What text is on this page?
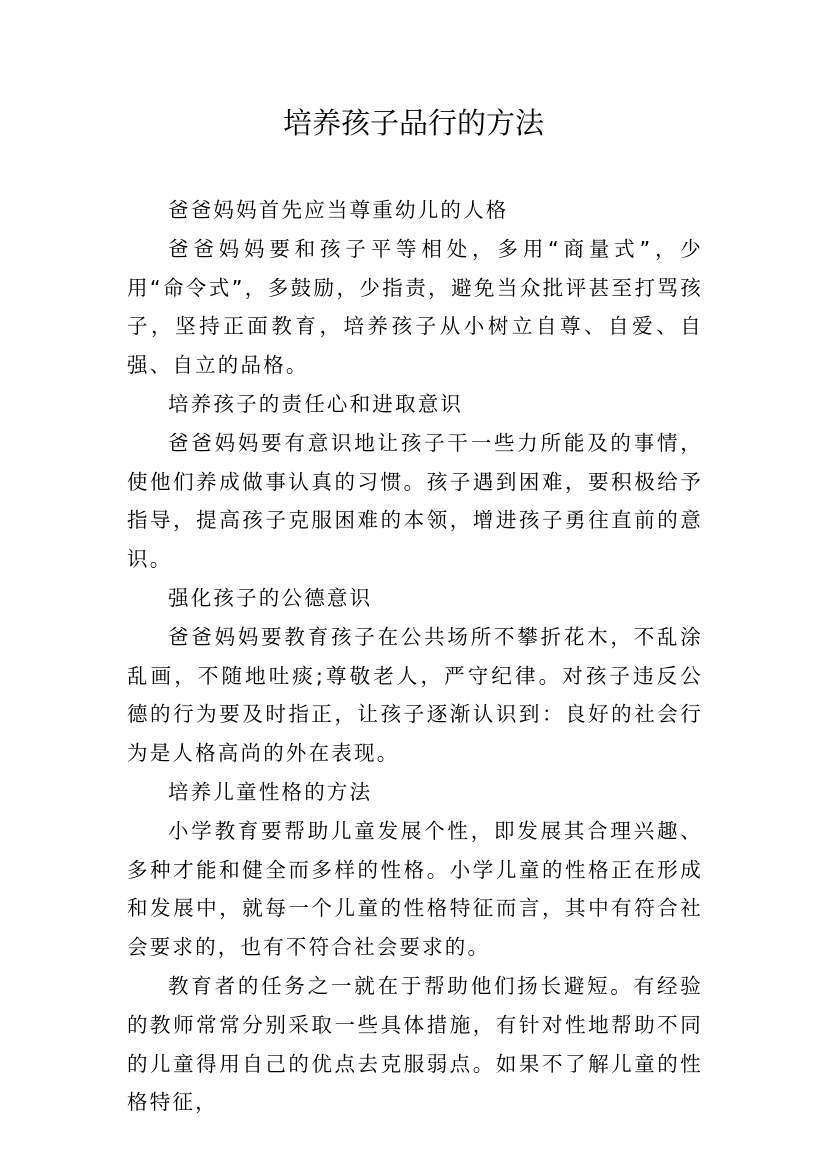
培养孩子品行的方法

爸爸妈妈首先应当尊重幼儿的人格

爸爸妈妈要和孩子平等相处，多用“商量式”，少用“命令式”，多鼓励，少指责，避免当众批评甚至打骂孩子，坚持正面教育，培养孩子从小树立自尊、自爱、自强、自立的品格。

培养孩子的责任心和进取意识

爸爸妈妈要有意识地让孩子干一些力所能及的事情，使他们养成做事认真的习惯。孩子遇到困难，要积极给予指导，提高孩子克服困难的本领，增进孩子勇往直前的意识。

强化孩子的公德意识

爸爸妈妈要教育孩子在公共场所不攀折花木，不乱涂乱画，不随地吐痰;尊敬老人，严守纪律。对孩子违反公德的行为要及时指正，让孩子逐渐认识到：良好的社会行为是人格高尚的外在表现。

培养儿童性格的方法

小学教育要帮助儿童发展个性，即发展其合理兴趣、多种才能和健全而多样的性格。小学儿童的性格正在形成和发展中，就每一个儿童的性格特征而言，其中有符合社会要求的，也有不符合社会要求的。

教育者的任务之一就在于帮助他们扬长避短。有经验的教师常常分别采取一些具体措施，有针对性地帮助不同的儿童得用自己的优点去克服弱点。如果不了解儿童的性格特征，
